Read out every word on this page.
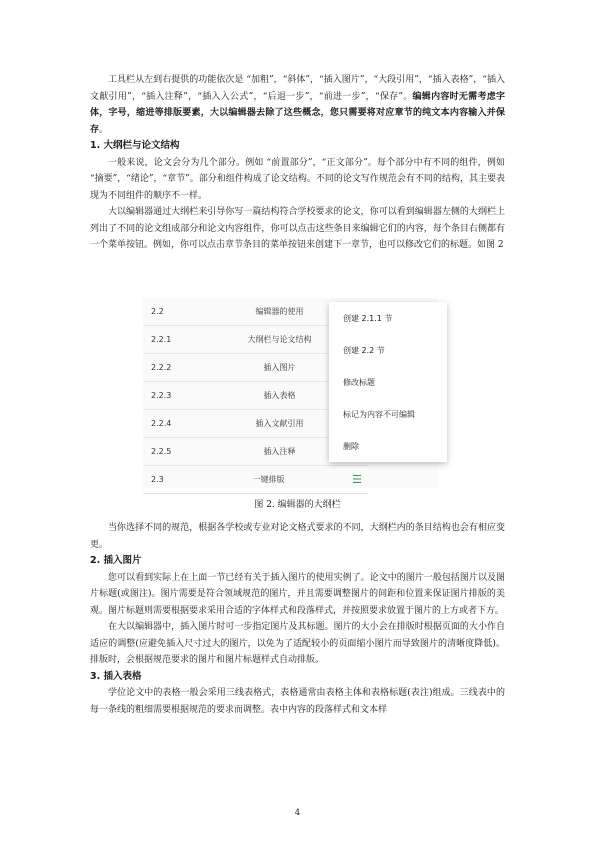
工具栏从左到右提供的功能依次是 “加粗”，“斜体”，“插入图片”，“大段引用”，“插入表格”，“插入文献引用”，“插入注释”，“插入入公式”，“后退一步”，“前进一步”，“保存”。编辑内容时无需考虑字体，字号，缩进等排版要素，大以编辑器去除了这些概念，您只需要将对应章节的纯文本内容输入并保存。

1. 大纲栏与论文结构

一般来说，论文会分为几个部分。例如 “前置部分”，“正文部分”。每个部分中有不同的组件，例如 “摘要”，“绪论”，“章节”。部分和组件构成了论文结构。不同的论文写作规范会有不同的结构，其主要表现为不同组件的顺序不一样。

大以编辑器通过大纲栏来引导你写一篇结构符合学校要求的论文，你可以看到编辑器左侧的大纲栏上列出了不同的论文组成部分和论文内容组件，你可以点击这些条目来编辑它们的内容，每个条目右侧都有一个菜单按钮。例如，你可以点击章节条目的菜单按钮来创建下一章节，也可以修改它们的标题。如图 2

2.2	编辑器的使用
2.2.1	大纲栏与论文结构
2.2.2	插入图片
2.2.3	插入表格
2.2.4	插入文献引用
2.2.5	插入注释
2.3	一键排版	☰
创建 2.1.1 节
创建 2.2 节
修改标题
标记为内容不可编辑
删除
图 2. 编辑器的大纲栏

当你选择不同的规范，根据各学校或专业对论文格式要求的不同，大纲栏内的条目结构也会有相应变更。

2. 插入图片

您可以看到实际上在上面一节已经有关于插入图片的使用实例了。论文中的图片一般包括图片以及图片标题(或图注)。图片需要是符合领域规范的图片，并且需要调整图片的间距和位置来保证图片排版的美观。图片标题则需要根据要求采用合适的字体样式和段落样式，并按照要求放置于图片的上方或者下方。

在大以编辑器中，插入图片时可一步指定图片及其标题。图片的大小会在排版时根据页面的大小作自适应的调整(应避免插入尺寸过大的图片，以免为了适配较小的页面缩小图片而导致图片的清晰度降低)。排版时，会根据规范要求的图片和图片标题样式自动排版。

3. 插入表格

学位论文中的表格一般会采用三线表格式，表格通常由表格主体和表格标题(表注)组成。三线表中的每一条线的粗细需要根据规范的要求而调整。表中内容的段落样式和文本样

4
